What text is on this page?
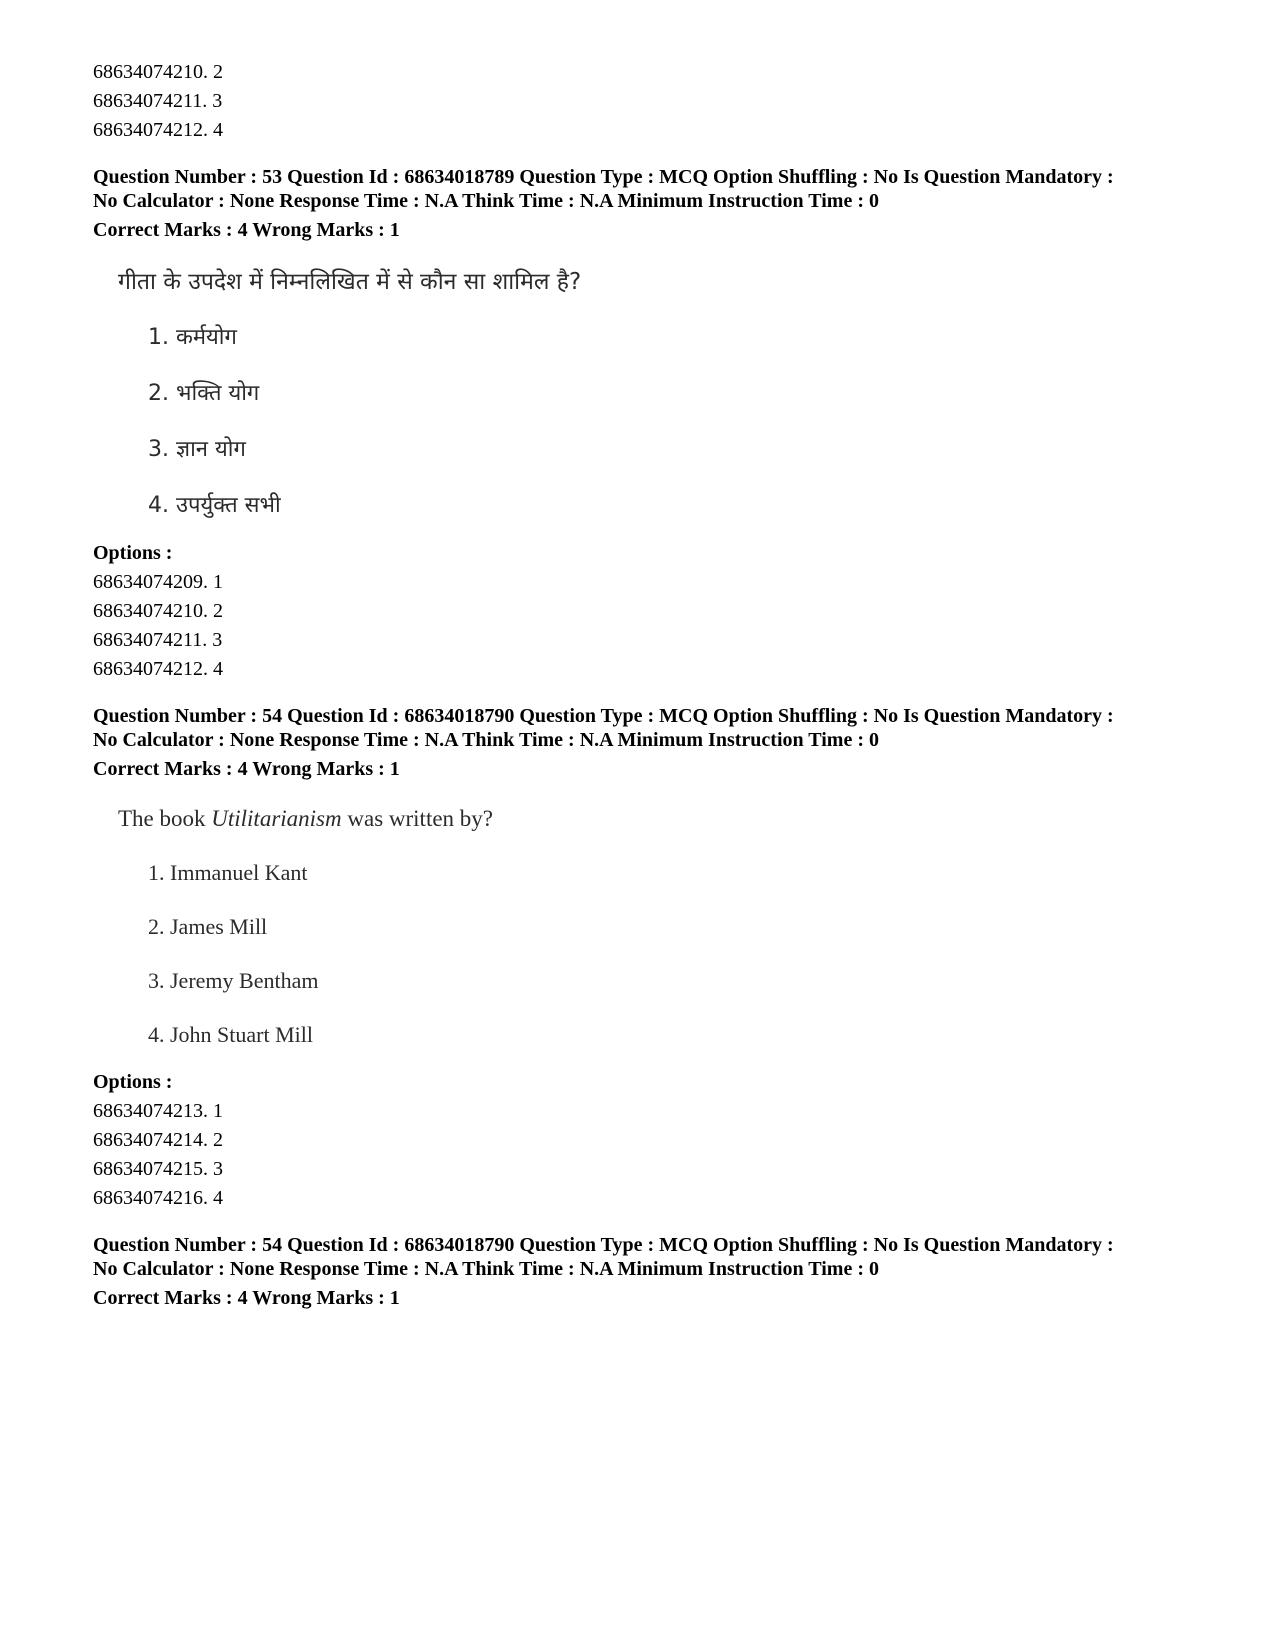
68634074210. 2
68634074211. 3
68634074212. 4
Question Number : 53 Question Id : 68634018789 Question Type : MCQ Option Shuffling : No Is Question Mandatory :
No Calculator : None Response Time : N.A Think Time : N.A Minimum Instruction Time : 0
Correct Marks : 4 Wrong Marks : 1
गीता के उपदेश में निम्नलिखित में से कौन सा शामिल है?
1. कर्मयोग
2. भक्ति योग
3. ज्ञान योग
4. उपर्युक्त सभी
Options :
68634074209. 1
68634074210. 2
68634074211. 3
68634074212. 4
Question Number : 54 Question Id : 68634018790 Question Type : MCQ Option Shuffling : No Is Question Mandatory :
No Calculator : None Response Time : N.A Think Time : N.A Minimum Instruction Time : 0
Correct Marks : 4 Wrong Marks : 1
The book Utilitarianism was written by?
1. Immanuel Kant
2. James Mill
3. Jeremy Bentham
4. John Stuart Mill
Options :
68634074213. 1
68634074214. 2
68634074215. 3
68634074216. 4
Question Number : 54 Question Id : 68634018790 Question Type : MCQ Option Shuffling : No Is Question Mandatory :
No Calculator : None Response Time : N.A Think Time : N.A Minimum Instruction Time : 0
Correct Marks : 4 Wrong Marks : 1
